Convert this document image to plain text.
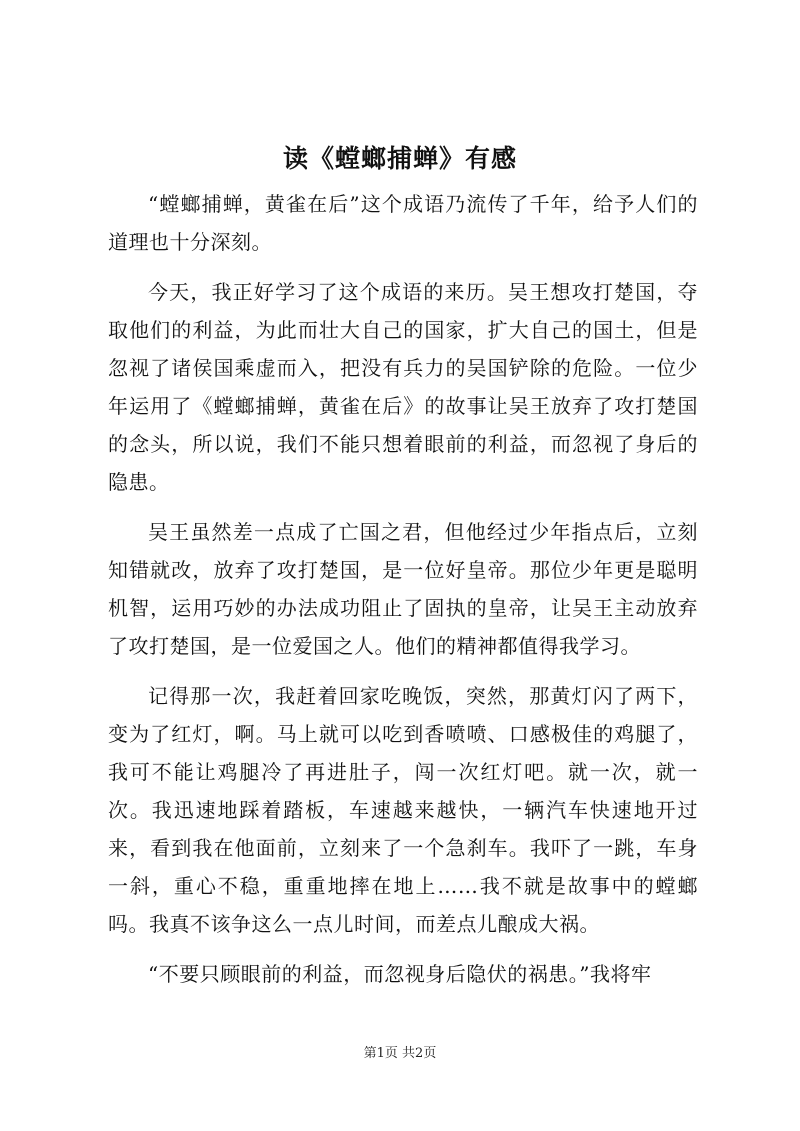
读《螳螂捕蝉》有感

“螳螂捕蝉，黄雀在后”这个成语乃流传了千年，给予人们的道理也十分深刻。

今天，我正好学习了这个成语的来历。吴王想攻打楚国，夺取他们的利益，为此而壮大自己的国家，扩大自己的国土，但是忽视了诸侯国乘虚而入，把没有兵力的吴国铲除的危险。一位少年运用了《螳螂捕蝉，黄雀在后》的故事让吴王放弃了攻打楚国的念头，所以说，我们不能只想着眼前的利益，而忽视了身后的隐患。

吴王虽然差一点成了亡国之君，但他经过少年指点后，立刻知错就改，放弃了攻打楚国，是一位好皇帝。那位少年更是聪明机智，运用巧妙的办法成功阻止了固执的皇帝，让吴王主动放弃了攻打楚国，是一位爱国之人。他们的精神都值得我学习。

记得那一次，我赶着回家吃晚饭，突然，那黄灯闪了两下，变为了红灯，啊。马上就可以吃到香喷喷、口感极佳的鸡腿了，我可不能让鸡腿冷了再进肚子，闯一次红灯吧。就一次，就一次。我迅速地踩着踏板，车速越来越快，一辆汽车快速地开过来，看到我在他面前，立刻来了一个急刹车。我吓了一跳，车身一斜，重心不稳，重重地摔在地上……我不就是故事中的螳螂吗。我真不该争这么一点儿时间，而差点儿酿成大祸。

“不要只顾眼前的利益，而忽视身后隐伏的祸患。”我将牢

第1页 共2页
